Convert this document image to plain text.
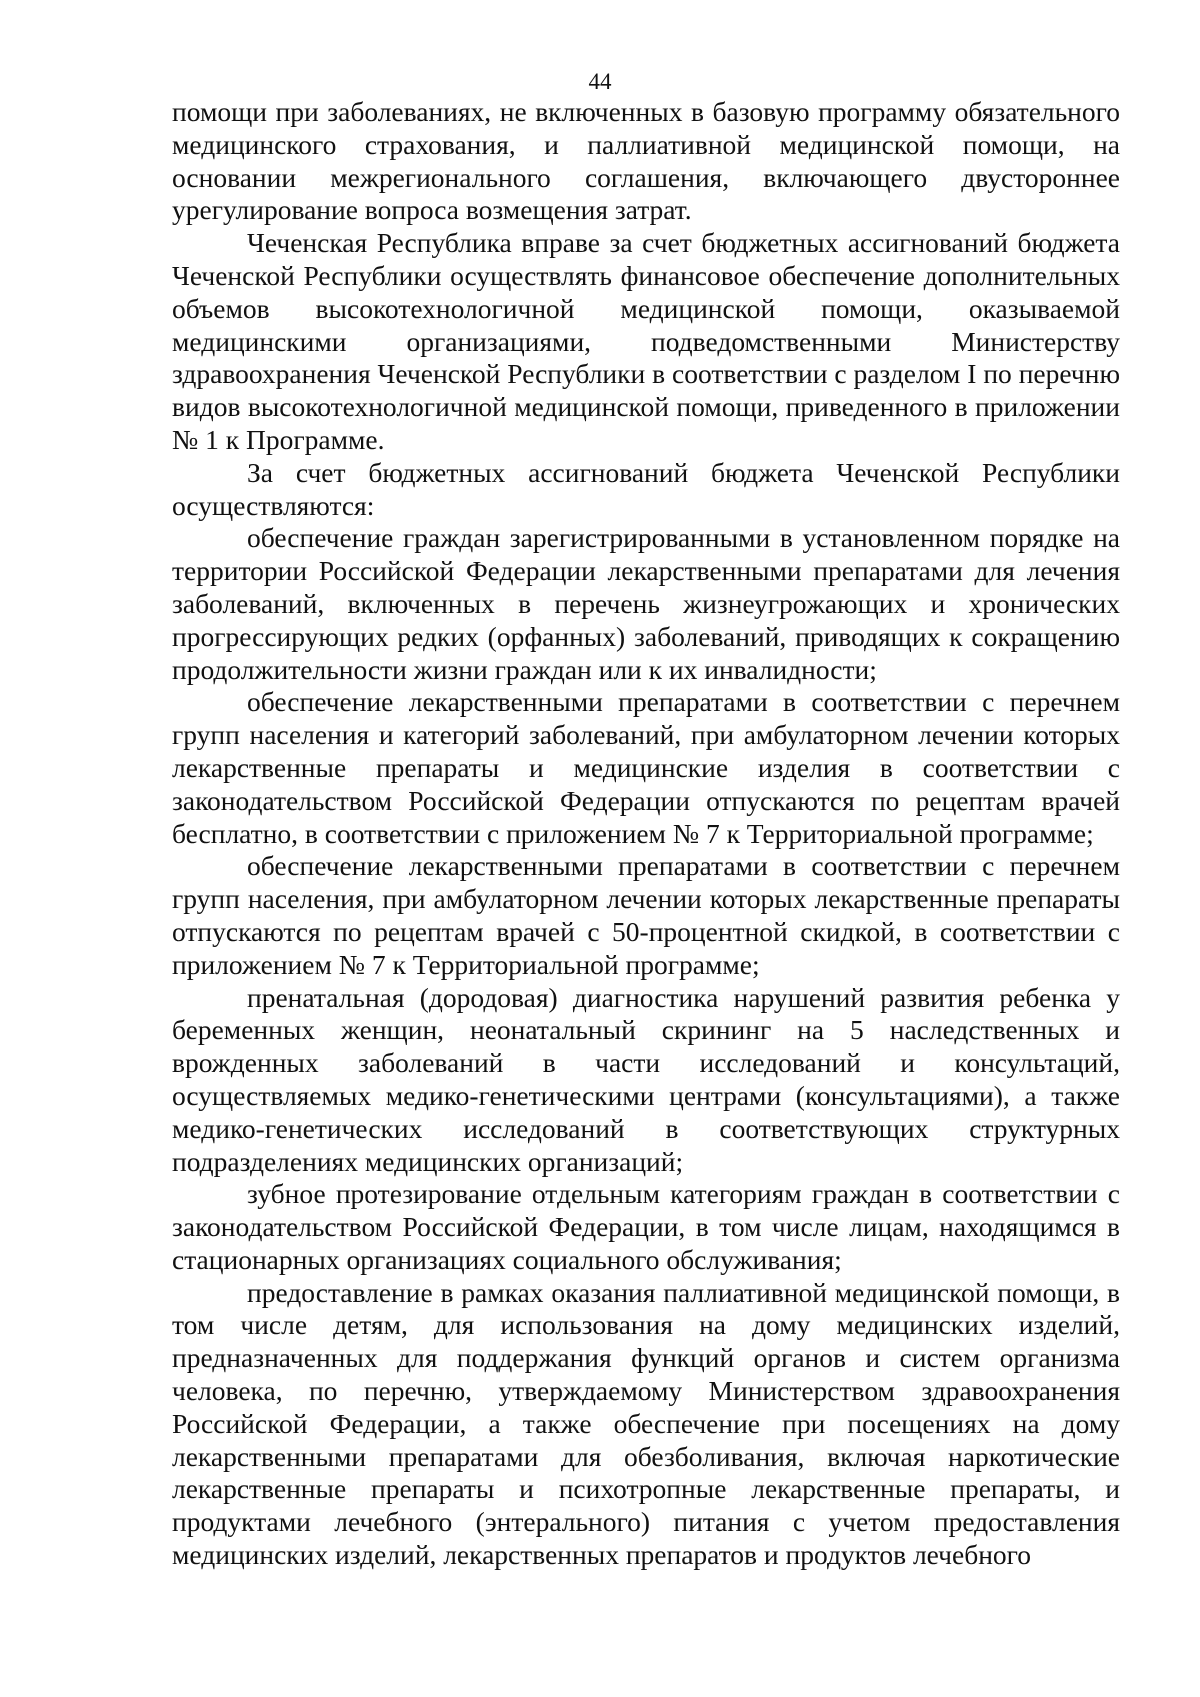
44

помощи при заболеваниях, не включенных в базовую программу обязательного медицинского страхования, и паллиативной медицинской помощи, на основании межрегионального соглашения, включающего двустороннее урегулирование вопроса возмещения затрат.

Чеченская Республика вправе за счет бюджетных ассигнований бюджета Чеченской Республики осуществлять финансовое обеспечение дополнительных объемов высокотехнологичной медицинской помощи, оказываемой медицинскими организациями, подведомственными Министерству здравоохранения Чеченской Республики в соответствии с разделом I по перечню видов высокотехнологичной медицинской помощи, приведенного в приложении № 1 к Программе.

За счет бюджетных ассигнований бюджета Чеченской Республики осуществляются:

обеспечение граждан зарегистрированными в установленном порядке на территории Российской Федерации лекарственными препаратами для лечения заболеваний, включенных в перечень жизнеугрожающих и хронических прогрессирующих редких (орфанных) заболеваний, приводящих к сокращению продолжительности жизни граждан или к их инвалидности;

обеспечение лекарственными препаратами в соответствии с перечнем групп населения и категорий заболеваний, при амбулаторном лечении которых лекарственные препараты и медицинские изделия в соответствии с законодательством Российской Федерации отпускаются по рецептам врачей бесплатно, в соответствии с приложением № 7 к Территориальной программе;

обеспечение лекарственными препаратами в соответствии с перечнем групп населения, при амбулаторном лечении которых лекарственные препараты отпускаются по рецептам врачей с 50-процентной скидкой, в соответствии с приложением № 7 к Территориальной программе;

пренатальная (дородовая) диагностика нарушений развития ребенка у беременных женщин, неонатальный скрининг на 5 наследственных и врожденных заболеваний в части исследований и консультаций, осуществляемых медико-генетическими центрами (консультациями), а также медико-генетических исследований в соответствующих структурных подразделениях медицинских организаций;

зубное протезирование отдельным категориям граждан в соответствии с законодательством Российской Федерации, в том числе лицам, находящимся в стационарных организациях социального обслуживания;

предоставление в рамках оказания паллиативной медицинской помощи, в том числе детям, для использования на дому медицинских изделий, предназначенных для поддержания функций органов и систем организма человека, по перечню, утверждаемому Министерством здравоохранения Российской Федерации, а также обеспечение при посещениях на дому лекарственными препаратами для обезболивания, включая наркотические лекарственные препараты и психотропные лекарственные препараты, и продуктами лечебного (энтерального) питания с учетом предоставления медицинских изделий, лекарственных препаратов и продуктов лечебного
